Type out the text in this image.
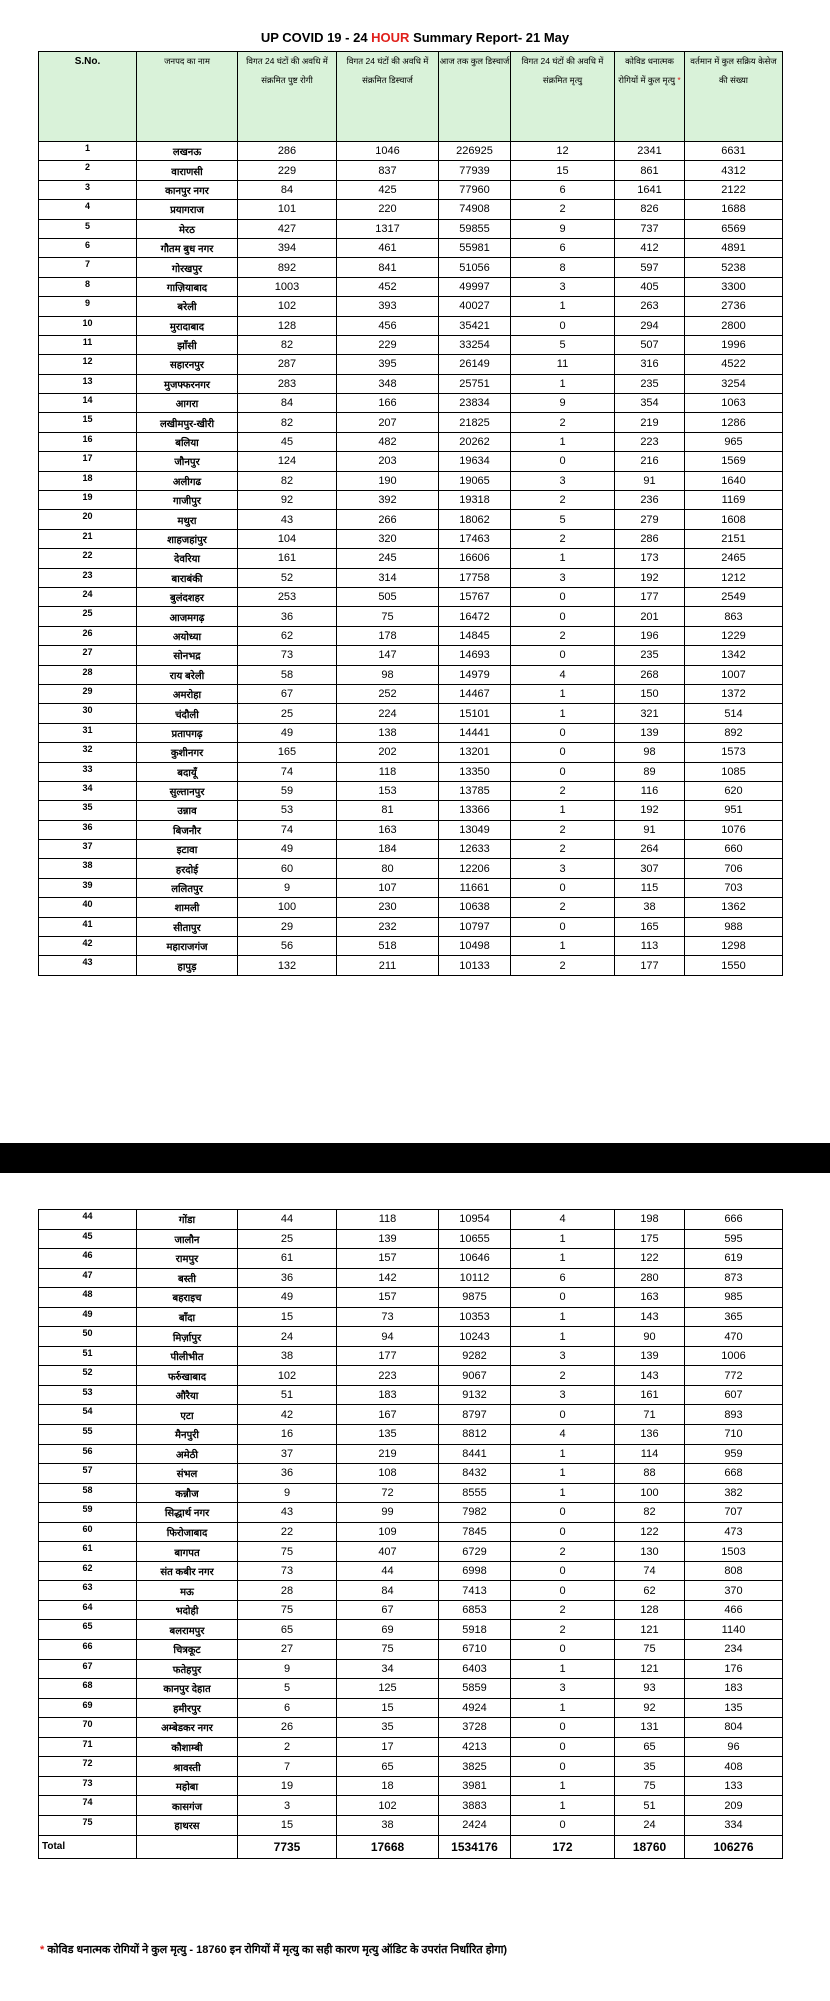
UP COVID 19 - 24 HOUR Summary Report- 21 May
S.No.	जनपद का नाम	विगत 24 घंटों की अवधि में संक्रमित पुष्ट रोगी	विगत 24 घंटों की अवधि में संक्रमित डिस्चार्ज	आज तक कुल डिस्चार्ज	विगत 24 घंटों की अवधि में संक्रमित मृत्यु	कोविड धनात्मक रोगियों में कुल मृत्यु *	वर्तमान में कुल सक्रिय केसेज की संख्या
1	लखनऊ	286	1046	226925	12	2341	6631
2	वाराणसी	229	837	77939	15	861	4312
3	कानपुर नगर	84	425	77960	6	1641	2122
4	प्रयागराज	101	220	74908	2	826	1688
5	मेरठ	427	1317	59855	9	737	6569
6	गौतम बुध नगर	394	461	55981	6	412	4891
7	गोरखपुर	892	841	51056	8	597	5238
8	गाज़ियाबाद	1003	452	49997	3	405	3300
9	बरेली	102	393	40027	1	263	2736
10	मुरादाबाद	128	456	35421	0	294	2800
11	झाँसी	82	229	33254	5	507	1996
12	सहारनपुर	287	395	26149	11	316	4522
13	मुजफ्फरनगर	283	348	25751	1	235	3254
14	आगरा	84	166	23834	9	354	1063
15	लखीमपुर-खीरी	82	207	21825	2	219	1286
16	बलिया	45	482	20262	1	223	965
17	जौनपुर	124	203	19634	0	216	1569
18	अलीगढ	82	190	19065	3	91	1640
19	गाजीपुर	92	392	19318	2	236	1169
20	मथुरा	43	266	18062	5	279	1608
21	शाहजहांपुर	104	320	17463	2	286	2151
22	देवरिया	161	245	16606	1	173	2465
23	बाराबंकी	52	314	17758	3	192	1212
24	बुलंदशहर	253	505	15767	0	177	2549
25	आजमगढ़	36	75	16472	0	201	863
26	अयोध्या	62	178	14845	2	196	1229
27	सोनभद्र	73	147	14693	0	235	1342
28	राय बरेली	58	98	14979	4	268	1007
29	अमरोहा	67	252	14467	1	150	1372
30	चंदौली	25	224	15101	1	321	514
31	प्रतापगढ़	49	138	14441	0	139	892
32	कुशीनगर	165	202	13201	0	98	1573
33	बदायूँ	74	118	13350	0	89	1085
34	सुल्तानपुर	59	153	13785	2	116	620
35	उन्नाव	53	81	13366	1	192	951
36	बिजनौर	74	163	13049	2	91	1076
37	इटावा	49	184	12633	2	264	660
38	हरदोई	60	80	12206	3	307	706
39	ललितपुर	9	107	11661	0	115	703
40	शामली	100	230	10638	2	38	1362
41	सीतापुर	29	232	10797	0	165	988
42	महाराजगंज	56	518	10498	1	113	1298
43	हापुड़	132	211	10133	2	177	1550
44	गोंडा	44	118	10954	4	198	666
45	जालौन	25	139	10655	1	175	595
46	रामपुर	61	157	10646	1	122	619
47	बस्ती	36	142	10112	6	280	873
48	बहराइच	49	157	9875	0	163	985
49	बाँदा	15	73	10353	1	143	365
50	मिर्ज़ापुर	24	94	10243	1	90	470
51	पीलीभीत	38	177	9282	3	139	1006
52	फर्रुखाबाद	102	223	9067	2	143	772
53	औरैया	51	183	9132	3	161	607
54	एटा	42	167	8797	0	71	893
55	मैनपुरी	16	135	8812	4	136	710
56	अमेठी	37	219	8441	1	114	959
57	संभल	36	108	8432	1	88	668
58	कन्नौज	9	72	8555	1	100	382
59	सिद्धार्थ नगर	43	99	7982	0	82	707
60	फिरोजाबाद	22	109	7845	0	122	473
61	बागपत	75	407	6729	2	130	1503
62	संत कबीर नगर	73	44	6998	0	74	808
63	मऊ	28	84	7413	0	62	370
64	भदोही	75	67	6853	2	128	466
65	बलरामपुर	65	69	5918	2	121	1140
66	चित्रकूट	27	75	6710	0	75	234
67	फतेहपुर	9	34	6403	1	121	176
68	कानपुर देहात	5	125	5859	3	93	183
69	हमीरपुर	6	15	4924	1	92	135
70	अम्बेडकर नगर	26	35	3728	0	131	804
71	कौशाम्बी	2	17	4213	0	65	96
72	श्रावस्ती	7	65	3825	0	35	408
73	महोबा	19	18	3981	1	75	133
74	कासगंज	3	102	3883	1	51	209
75	हाथरस	15	38	2424	0	24	334
Total		7735	17668	1534176	172	18760	106276
* कोविड धनात्मक रोगियों ने कुल मृत्यु - 18760 इन रोगियों में मृत्यु का सही कारण मृत्यु ऑडिट के उपरांत निर्धारित होगा)
